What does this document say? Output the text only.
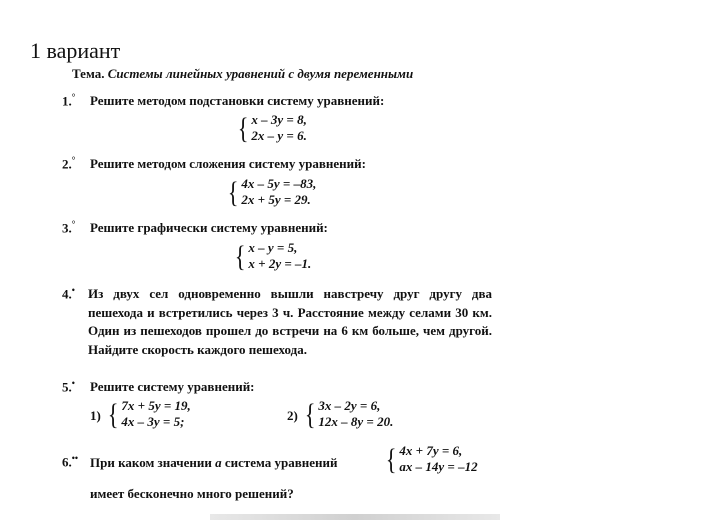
1 вариант
Тема. Системы линейных уравнений с двумя переменными
1.° Решите методом подстановки систему уравнений:
{ x – 3y = 8,
2x – y = 6.
2.° Решите методом сложения систему уравнений:
{ 4x – 5y = –83,
2x + 5y = 29.
3.° Решите графически систему уравнений:
{ x – y = 5,
x + 2y = –1.
4.• Из двух сел одновременно вышли навстречу друг другу два пешехода и встретились через 3 ч. Расстояние между селами 30 км. Один из пешеходов прошел до встречи на 6 км больше, чем другой. Найдите скорость каждого пешехода.
5.• Решите систему уравнений:
1) { 7x + 5y = 19,
4x – 3y = 5;	2) { 3x – 2y = 6,
12x – 8y = 20.
6.•• При каком значении a система уравнений { 4x + 7y = 6,
ax – 14y = –12
имеет бесконечно много решений?
